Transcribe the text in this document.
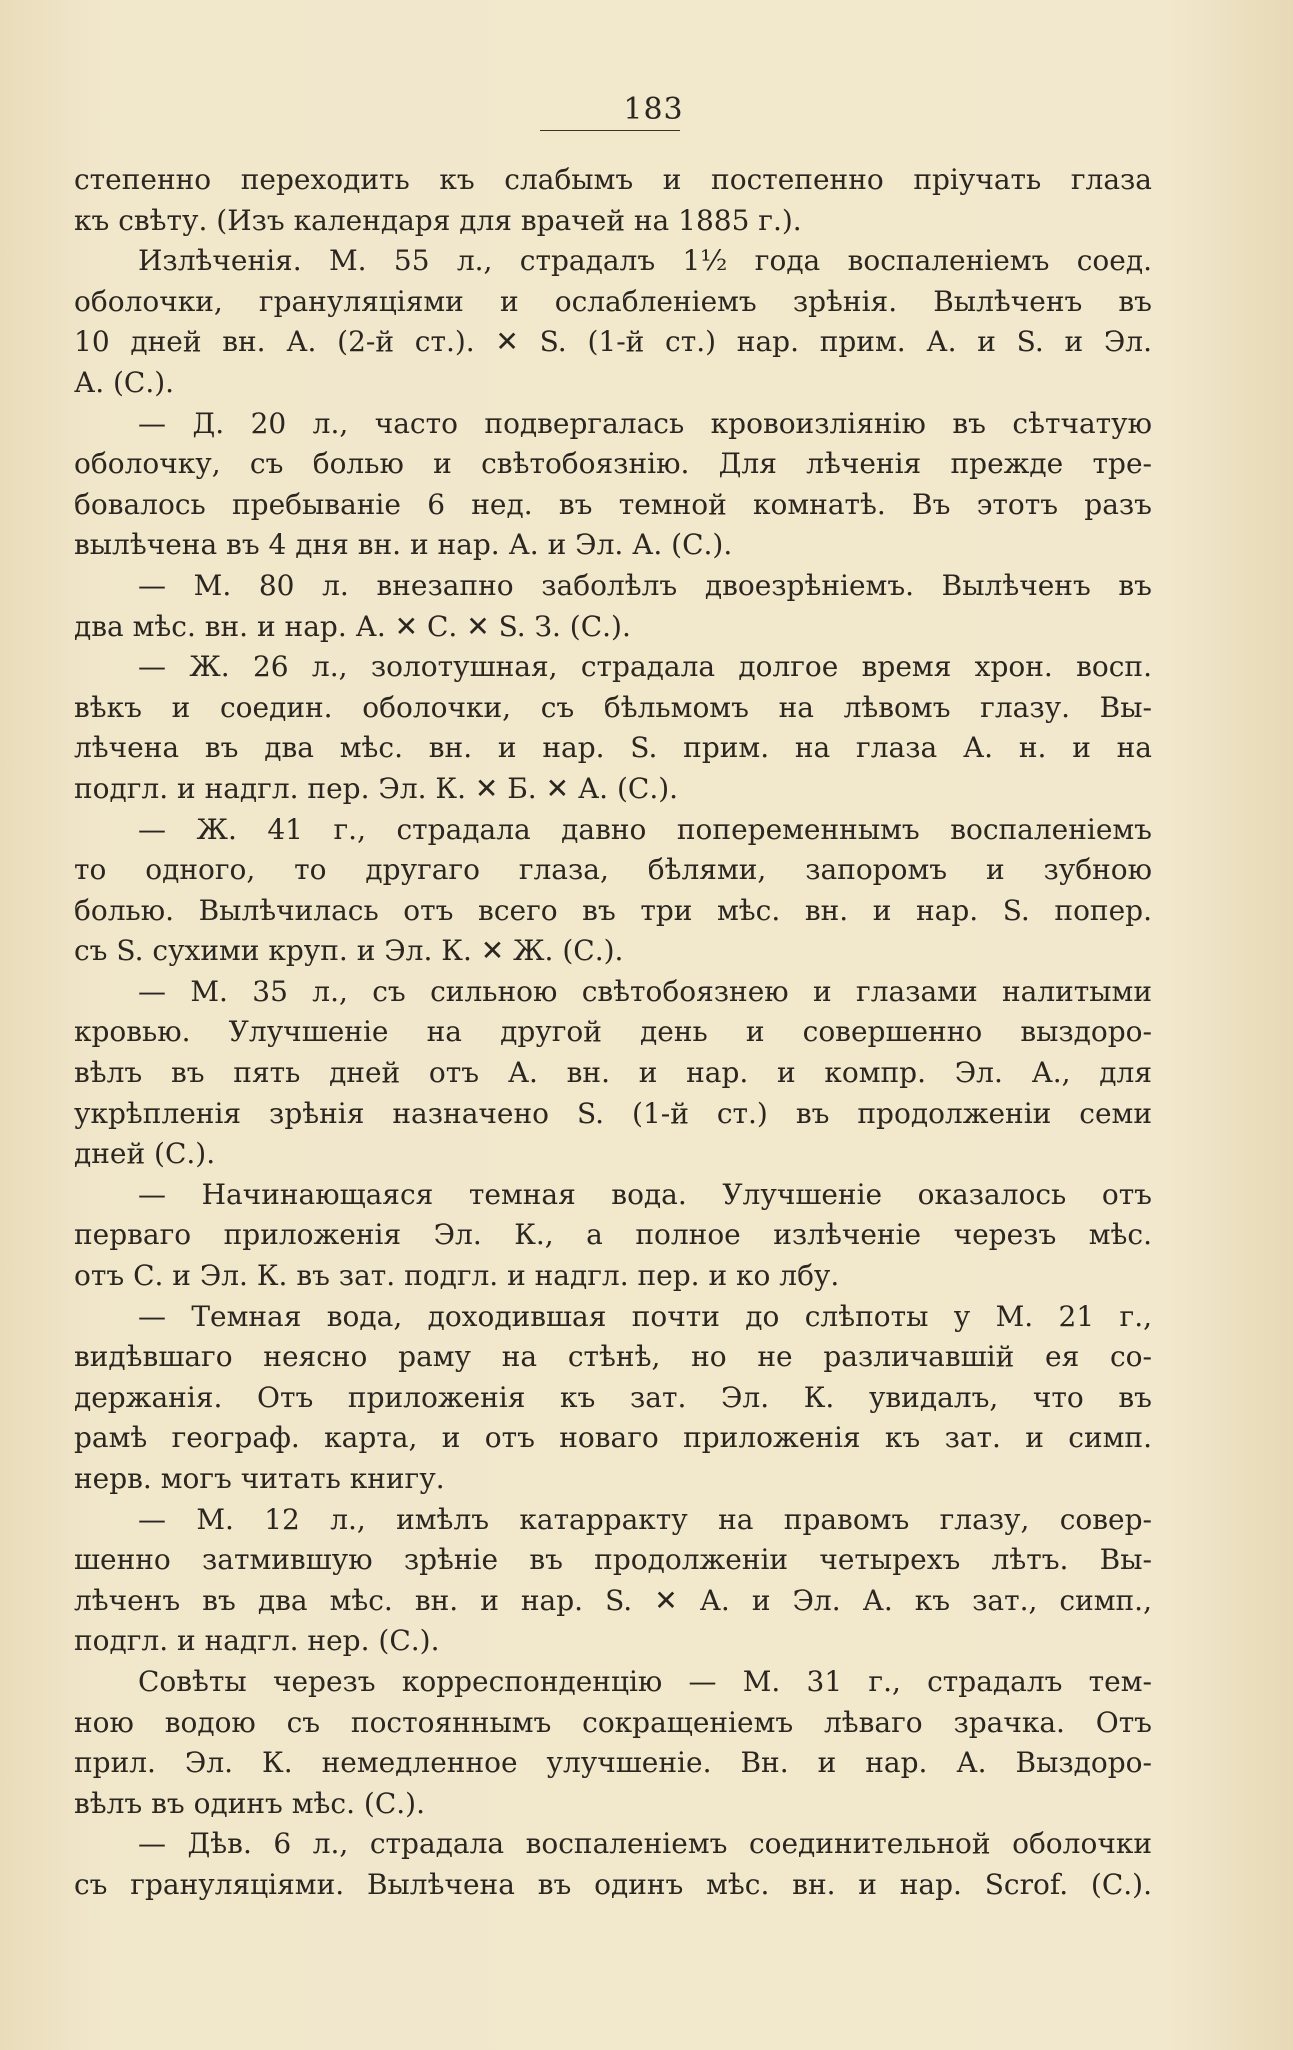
183
степенно переходить къ слабымъ и постепенно пріучать глаза
къ свѣту. (Изъ календаря для врачей на 1885 г.).
Излѣченія. М. 55 л., страдалъ 1½ года воспаленіемъ соед.
оболочки, грануляціями и ослабленіемъ зрѣнія. Вылѣченъ въ
10 дней вн. А. (2-й ст.). ✕ S. (1-й ст.) нар. прим. А. и S. и Эл.
А. (С.).
— Д. 20 л., часто подвергалась кровоизліянію въ сѣтчатую
оболочку, съ болью и свѣтобоязнію. Для лѣченія прежде тре-
бовалось пребываніе 6 нед. въ темной комнатѣ. Въ этотъ разъ
вылѣчена въ 4 дня вн. и нар. А. и Эл. А. (С.).
— М. 80 л. внезапно заболѣлъ двоезрѣніемъ. Вылѣченъ въ
два мѣс. вн. и нар. А. ✕ С. ✕ S. З. (С.).
— Ж. 26 л., золотушная, страдала долгое время хрон. восп.
вѣкъ и соедин. оболочки, съ бѣльмомъ на лѣвомъ глазу. Вы-
лѣчена въ два мѣс. вн. и нар. S. прим. на глаза А. н. и на
подгл. и надгл. пер. Эл. К. ✕ Б. ✕ А. (С.).
— Ж. 41 г., страдала давно попеременнымъ воспаленіемъ
то одного, то другаго глаза, бѣлями, запоромъ и зубною
болью. Вылѣчилась отъ всего въ три мѣс. вн. и нар. S. попер.
съ S. сухими круп. и Эл. К. ✕ Ж. (С.).
— М. 35 л., съ сильною свѣтобоязнею и глазами налитыми
кровью. Улучшеніе на другой день и совершенно выздоро-
вѣлъ въ пять дней отъ А. вн. и нар. и компр. Эл. А., для
укрѣпленія зрѣнія назначено S. (1-й ст.) въ продолженіи семи
дней (С.).
— Начинающаяся темная вода. Улучшеніе оказалось отъ
перваго приложенія Эл. К., а полное излѣченіе черезъ мѣс.
отъ С. и Эл. К. въ зат. подгл. и надгл. пер. и ко лбу.
— Темная вода, доходившая почти до слѣпоты у М. 21 г.,
видѣвшаго неясно раму на стѣнѣ, но не различавшій ея со-
держанія. Отъ приложенія къ зат. Эл. К. увидалъ, что въ
рамѣ географ. карта, и отъ новаго приложенія къ зат. и симп.
нерв. могъ читать книгу.
— М. 12 л., имѣлъ катарракту на правомъ глазу, совер-
шенно затмившую зрѣніе въ продолженіи четырехъ лѣтъ. Вы-
лѣченъ въ два мѣс. вн. и нар. S. ✕ А. и Эл. А. къ зат., симп.,
подгл. и надгл. нер. (С.).
Совѣты черезъ корреспонденцію — М. 31 г., страдалъ тем-
ною водою съ постояннымъ сокращеніемъ лѣваго зрачка. Отъ
прил. Эл. К. немедленное улучшеніе. Вн. и нар. А. Выздоро-
вѣлъ въ одинъ мѣс. (С.).
— Дѣв. 6 л., страдала воспаленіемъ соединительной оболочки
съ грануляціями. Вылѣчена въ одинъ мѣс. вн. и нар. Scrof. (С.).
